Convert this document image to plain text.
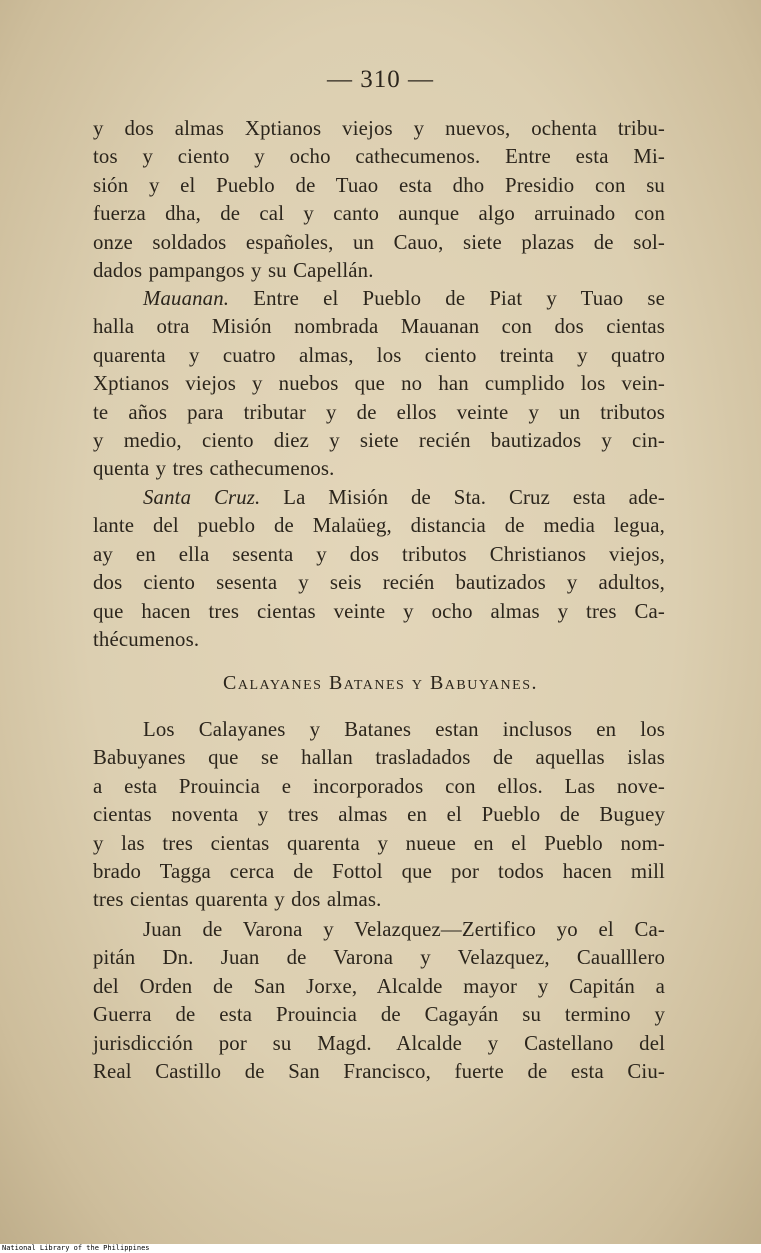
— 310 —
y dos almas Xptianos viejos y nuevos, ochenta tribu-
tos y ciento y ocho cathecumenos. Entre esta Mi-
sión y el Pueblo de Tuao esta dho Presidio con su
fuerza dha, de cal y canto aunque algo arruinado con
onze soldados españoles, un Cauo, siete plazas de sol-
dados pampangos y su Capellán.
Mauanan. Entre el Pueblo de Piat y Tuao se
halla otra Misión nombrada Mauanan con dos cientas
quarenta y cuatro almas, los ciento treinta y quatro
Xptianos viejos y nuebos que no han cumplido los vein-
te años para tributar y de ellos veinte y un tributos
y medio, ciento diez y siete recién bautizados y cin-
quenta y tres cathecumenos.
Santa Cruz. La Misión de Sta. Cruz esta ade-
lante del pueblo de Malaüeg, distancia de media legua,
ay en ella sesenta y dos tributos Christianos viejos,
dos ciento sesenta y seis recién bautizados y adultos,
que hacen tres cientas veinte y ocho almas y tres Ca-
thécumenos.
Calayanes Batanes y Babuyanes.
Los Calayanes y Batanes estan inclusos en los
Babuyanes que se hallan trasladados de aquellas islas
a esta Prouincia e incorporados con ellos. Las nove-
cientas noventa y tres almas en el Pueblo de Buguey
y las tres cientas quarenta y nueue en el Pueblo nom-
brado Tagga cerca de Fottol que por todos hacen mill
tres cientas quarenta y dos almas.
Juan de Varona y Velazquez—Zertifico yo el Ca-
pitán Dn. Juan de Varona y Velazquez, Caualllero
del Orden de San Jorxe, Alcalde mayor y Capitán a
Guerra de esta Prouincia de Cagayán su termino y
jurisdicción por su Magd. Alcalde y Castellano del
Real Castillo de San Francisco, fuerte de esta Ciu-
National Library of the Philippines
